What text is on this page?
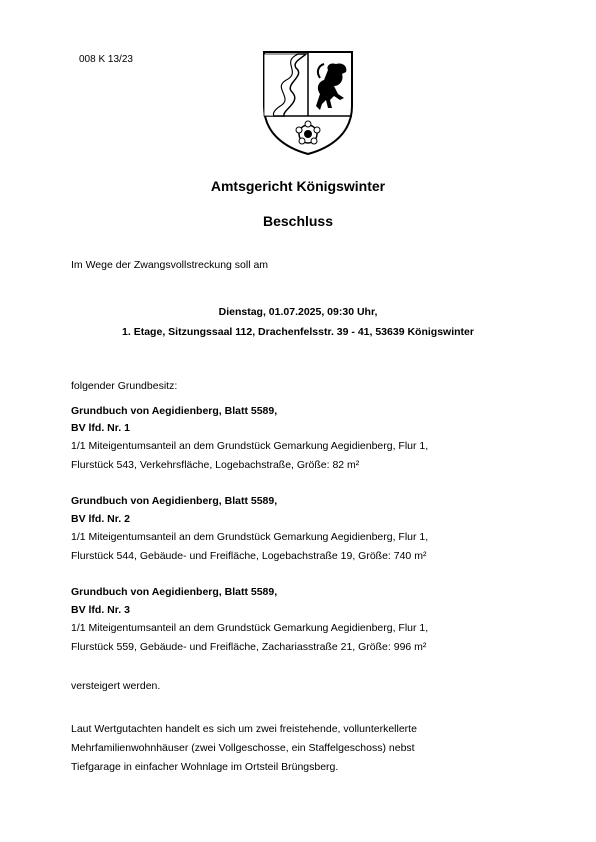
008 K 13/23
Amtsgericht Königswinter
Beschluss
Im Wege der Zwangsvollstreckung soll am
Dienstag, 01.07.2025, 09:30 Uhr,
1. Etage, Sitzungssaal 112, Drachenfelsstr. 39 - 41, 53639 Königswinter
folgender Grundbesitz:
Grundbuch von Aegidienberg, Blatt 5589,
BV lfd. Nr. 1
1/1 Miteigentumsanteil an dem Grundstück Gemarkung Aegidienberg, Flur 1,
Flurstück 543, Verkehrsfläche, Logebachstraße, Größe: 82 m²
Grundbuch von Aegidienberg, Blatt 5589,
BV lfd. Nr. 2
1/1 Miteigentumsanteil an dem Grundstück Gemarkung Aegidienberg, Flur 1,
Flurstück 544, Gebäude- und Freifläche, Logebachstraße 19, Größe: 740 m²
Grundbuch von Aegidienberg, Blatt 5589,
BV lfd. Nr. 3
1/1 Miteigentumsanteil an dem Grundstück Gemarkung Aegidienberg, Flur 1,
Flurstück 559, Gebäude- und Freifläche, Zachariasstraße 21, Größe: 996 m²
versteigert werden.
Laut Wertgutachten handelt es sich um zwei freistehende, vollunterkellerte
Mehrfamilienwohnhäuser (zwei Vollgeschosse, ein Staffelgeschoss) nebst
Tiefgarage in einfacher Wohnlage im Ortsteil Brüngsberg.
